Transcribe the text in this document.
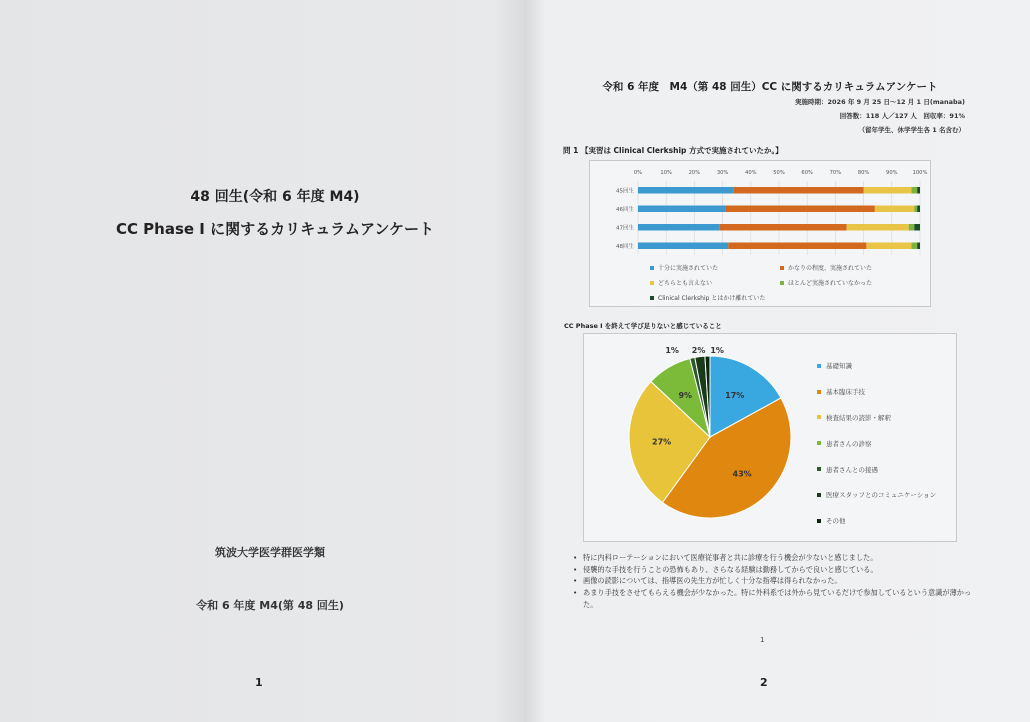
48 回生(令和 6 年度 M4)
CC Phase I に関するカリキュラムアンケート
筑波大学医学群医学類
令和 6 年度 M4(第 48 回生)
1
令和 6 年度　M4（第 48 回生）CC に関するカリキュラムアンケート
実施時期：2026 年 9 月 25 日～12 月 1 日(manaba)
回答数：118 人／127 人　回収率：91%
（留年学生、休学学生各 1 名含む）
問 1 【実習は Clinical Clerkship 方式で実施されていたか。】
0%	10%	20%	30%	40%	50%	60%	70%	80%	90%	100%
45回生
46回生
47回生
48回生
十分に実施されていた	かなりの程度、実施されていた
どちらとも言えない	ほとんど実施されていなかった
Clinical Clerkship とはかけ離れていた
CC Phase I を終えて学び足りないと感じていること
17%
43%
27%
9%
1% 2% 1%
基礎知識
基本臨床手技
検査結果の読影・解釈
患者さんの診察
患者さんとの接遇
医療スタッフとのコミュニケーション
その他
• 特に内科ローテーションにおいて医療従事者と共に診療を行う機会が少ないと感じました。
• 侵襲的な手技を行うことの恐怖もあり、さらなる経験は勤務してからで良いと感じている。
• 画像の読影については、指導医の先生方が忙しく十分な指導は得られなかった。
• あまり手技をさせてもらえる機会が少なかった。特に外科系では外から見ているだけで参加しているという意識が薄かった。
1
2
